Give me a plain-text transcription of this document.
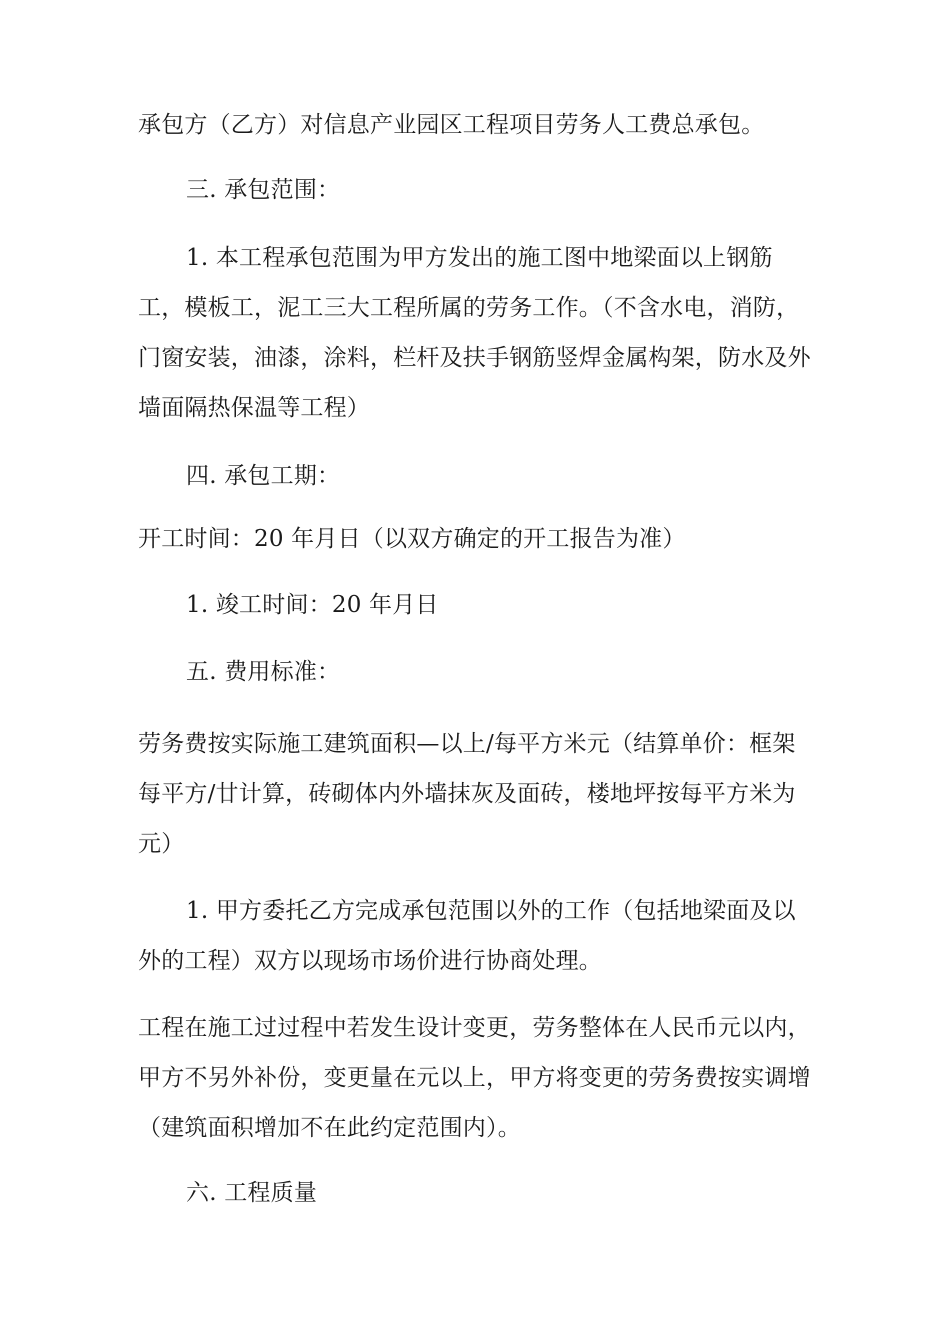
承包方（乙方）对信息产业园区工程项目劳务人工费总承包。

三. 承包范围：

1. 本工程承包范围为甲方发出的施工图中地梁面以上钢筋

工，模板工，泥工三大工程所属的劳务工作。（不含水电，消防，
门窗安装，油漆，涂料，栏杆及扶手钢筋竖焊金属构架，防水及外
墙面隔热保温等工程）

四. 承包工期：

开工时间：20 年月日（以双方确定的开工报告为准）

1. 竣工时间：20 年月日

五. 费用标准：

劳务费按实际施工建筑面积—以上/每平方米元（结算单价：框架
每平方/廿计算，砖砌体内外墙抹灰及面砖，楼地坪按每平方米为
元）

1. 甲方委托乙方完成承包范围以外的工作（包括地梁面及以

外的工程）双方以现场市场价进行协商处理。

工程在施工过过程中若发生设计变更，劳务整体在人民币元以内，
甲方不另外补份，变更量在元以上，甲方将变更的劳务费按实调增
（建筑面积增加不在此约定范围内）。

六. 工程质量
